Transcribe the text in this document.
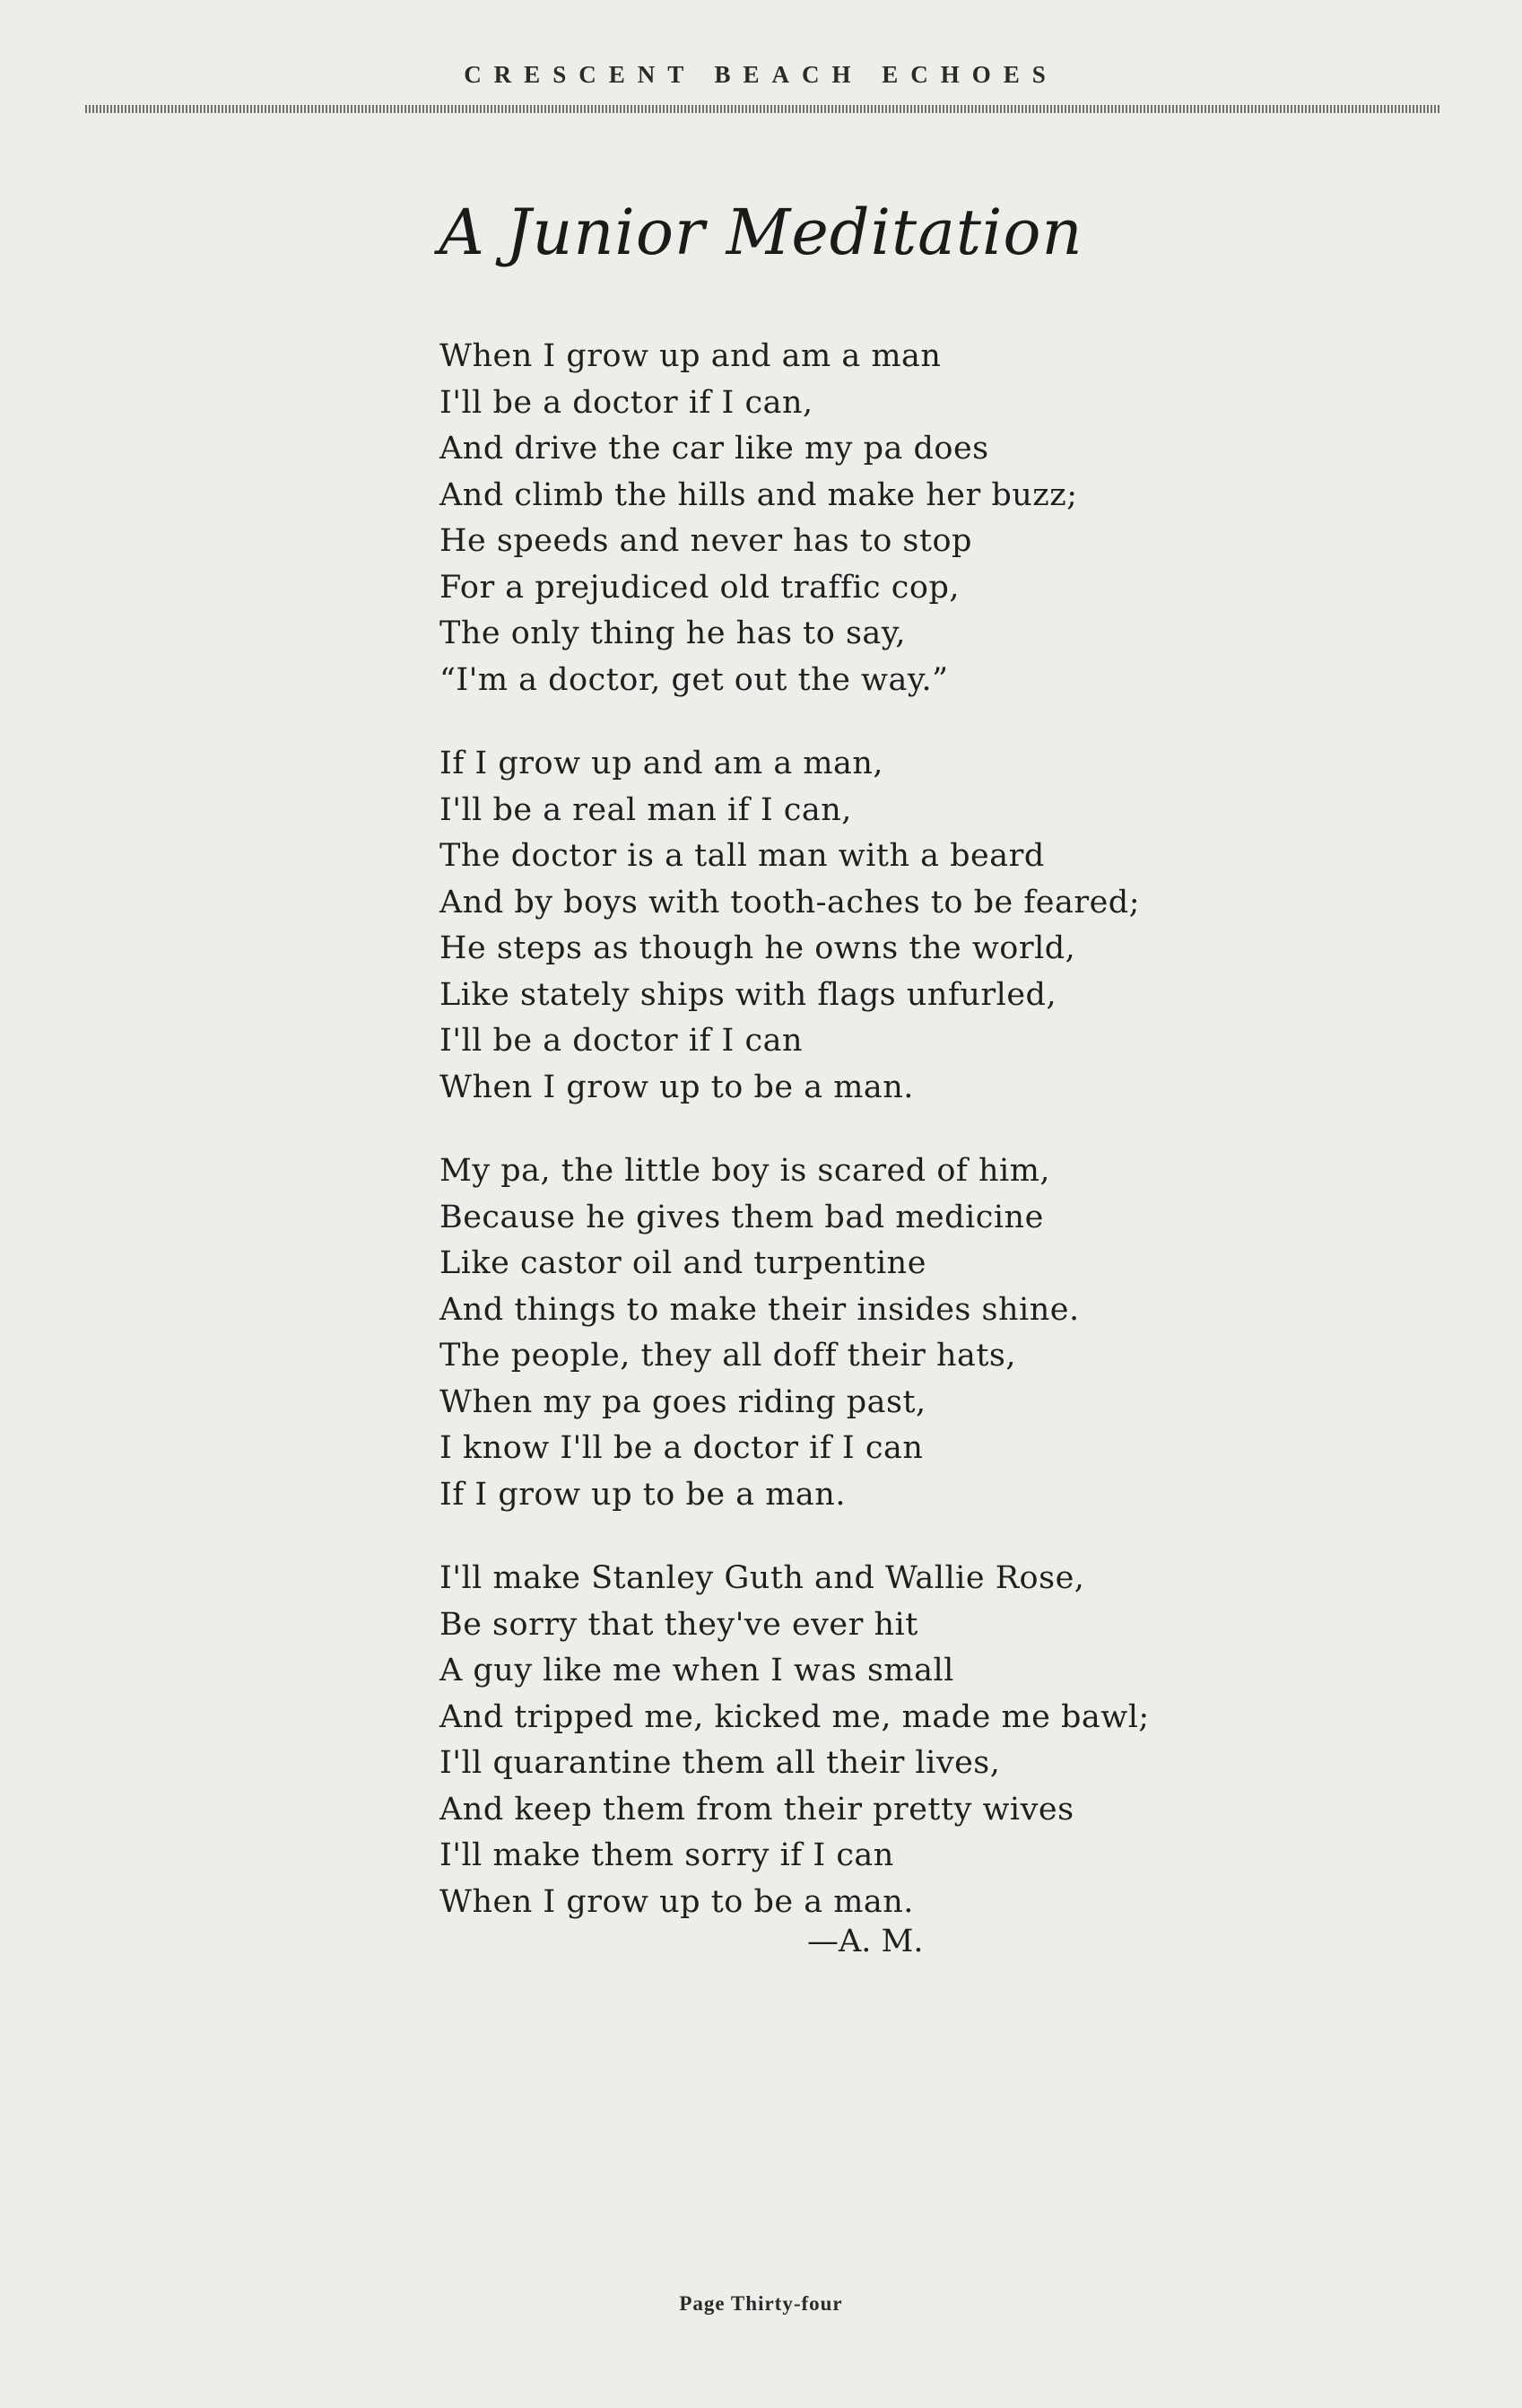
CRESCENT BEACH ECHOES
A Junior Meditation
When I grow up and am a man
I'll be a doctor if I can,
And drive the car like my pa does
And climb the hills and make her buzz;
He speeds and never has to stop
For a prejudiced old traffic cop,
The only thing he has to say,
“I'm a doctor, get out the way.”
If I grow up and am a man,
I'll be a real man if I can,
The doctor is a tall man with a beard
And by boys with tooth-aches to be feared;
He steps as though he owns the world,
Like stately ships with flags unfurled,
I'll be a doctor if I can
When I grow up to be a man.
My pa, the little boy is scared of him,
Because he gives them bad medicine
Like castor oil and turpentine
And things to make their insides shine.
The people, they all doff their hats,
When my pa goes riding past,
I know I'll be a doctor if I can
If I grow up to be a man.
I'll make Stanley Guth and Wallie Rose,
Be sorry that they've ever hit
A guy like me when I was small
And tripped me, kicked me, made me bawl;
I'll quarantine them all their lives,
And keep them from their pretty wives
I'll make them sorry if I can
When I grow up to be a man.
—A. M.
Page Thirty-four
